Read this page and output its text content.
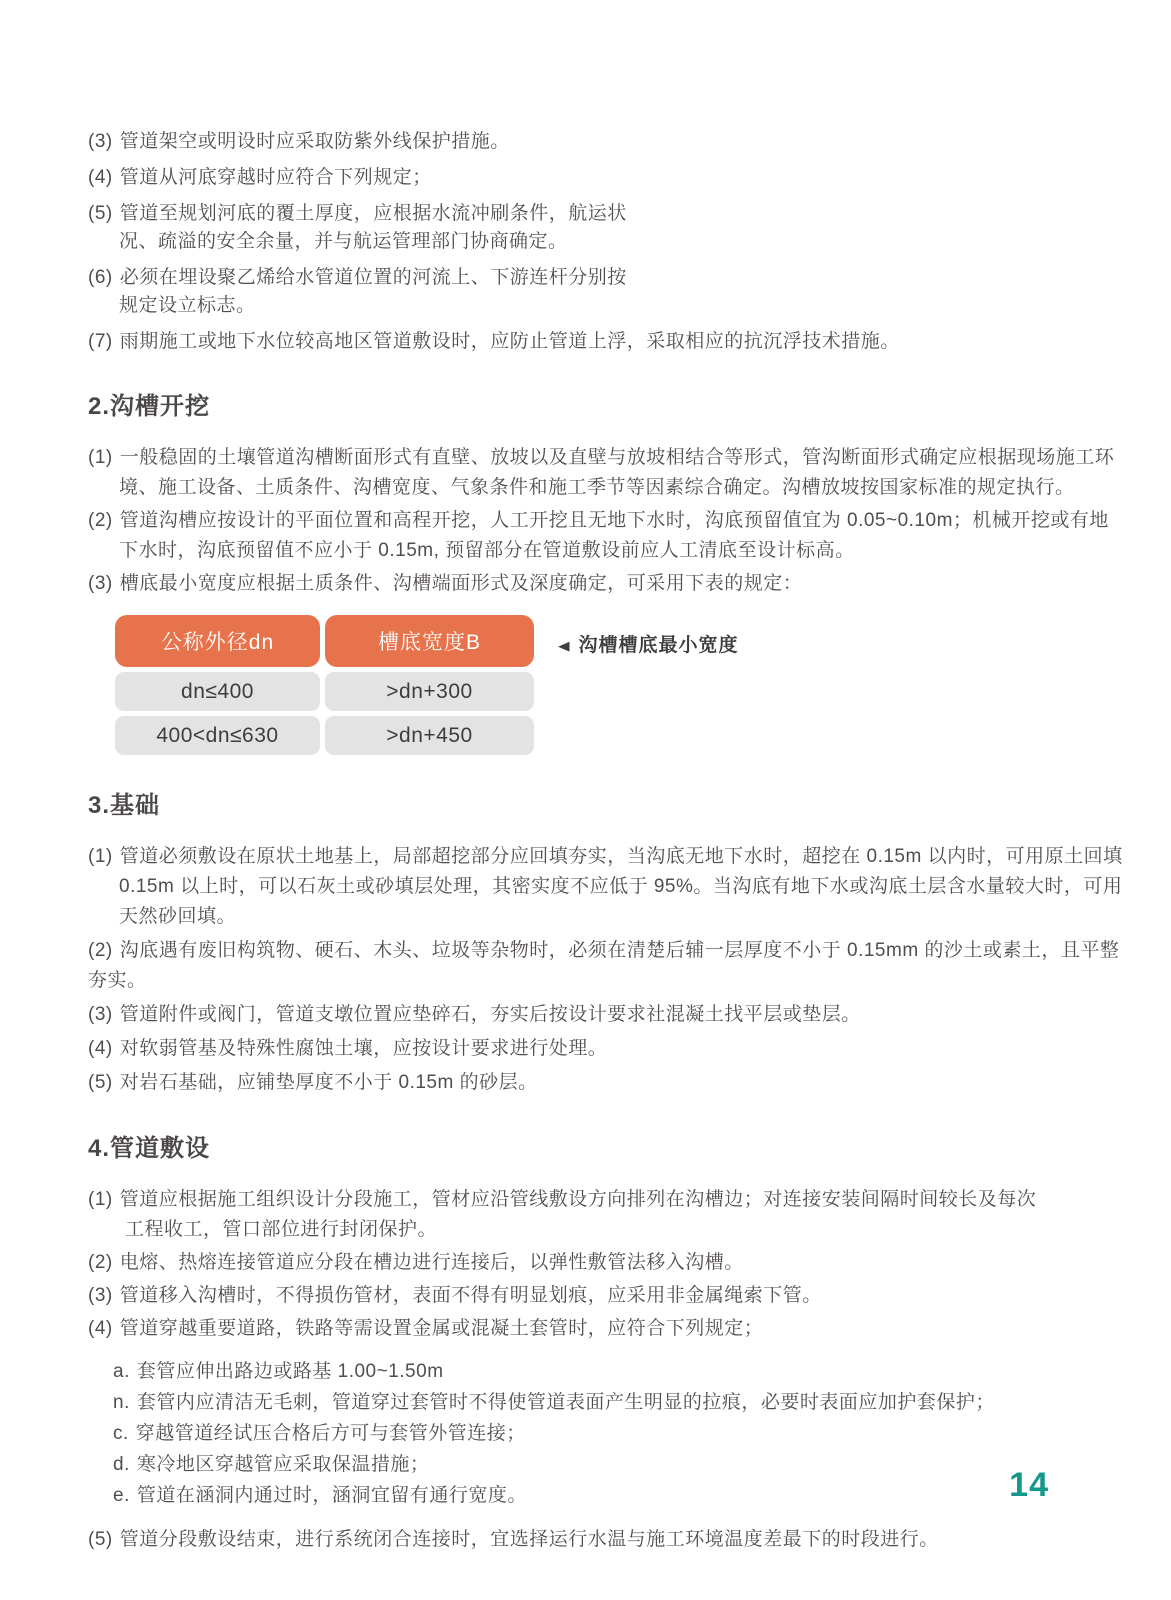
(3) 管道架空或明设时应采取防紫外线保护措施。
(4) 管道从河底穿越时应符合下列规定；
(5) 管道至规划河底的覆土厚度，应根据水流冲刷条件，航运状
况、疏溢的安全余量，并与航运管理部门协商确定。
(6) 必须在埋设聚乙烯给水管道位置的河流上、下游连杆分别按
规定设立标志。
(7) 雨期施工或地下水位较高地区管道敷设时，应防止管道上浮，采取相应的抗沉浮技术措施。
2.沟槽开挖
(1) 一般稳固的土壤管道沟槽断面形式有直壁、放坡以及直壁与放坡相结合等形式，管沟断面形式确定应根据现场施工环
境、施工设备、土质条件、沟槽宽度、气象条件和施工季节等因素综合确定。沟槽放坡按国家标准的规定执行。
(2) 管道沟槽应按设计的平面位置和高程开挖，人工开挖且无地下水时，沟底预留值宜为 0.05~0.10m；机械开挖或有地
下水时，沟底预留值不应小于 0.15m, 预留部分在管道敷设前应人工清底至设计标高。
(3) 槽底最小宽度应根据土质条件、沟槽端面形式及深度确定，可采用下表的规定：
公称外径dn	槽底宽度B
dn≤400	>dn+300
400<dn≤630	>dn+450
◀ 沟槽槽底最小宽度
3.基础
(1) 管道必须敷设在原状土地基上，局部超挖部分应回填夯实，当沟底无地下水时，超挖在 0.15m 以内时，可用原土回填
0.15m 以上时，可以石灰土或砂填层处理，其密实度不应低于 95%。当沟底有地下水或沟底土层含水量较大时，可用
天然砂回填。
(2) 沟底遇有废旧构筑物、硬石、木头、垃圾等杂物时，必须在清楚后辅一层厚度不小于 0.15mm 的沙土或素土，且平整夯实。
(3) 管道附件或阀门，管道支墩位置应垫碎石，夯实后按设计要求社混凝土找平层或垫层。
(4) 对软弱管基及特殊性腐蚀土壤，应按设计要求进行处理。
(5) 对岩石基础，应铺垫厚度不小于 0.15m 的砂层。
4.管道敷设
(1) 管道应根据施工组织设计分段施工，管材应沿管线敷设方向排列在沟槽边；对连接安装间隔时间较长及每次
工程收工，管口部位进行封闭保护。
(2) 电熔、热熔连接管道应分段在槽边进行连接后，以弹性敷管法移入沟槽。
(3) 管道移入沟槽时，不得损伤管材，表面不得有明显划痕，应采用非金属绳索下管。
(4) 管道穿越重要道路，铁路等需设置金属或混凝土套管时，应符合下列规定；
a. 套管应伸出路边或路基 1.00~1.50m
n. 套管内应清洁无毛刺，管道穿过套管时不得使管道表面产生明显的拉痕，必要时表面应加护套保护；
c. 穿越管道经试压合格后方可与套管外管连接；
d. 寒冷地区穿越管应采取保温措施；
e. 管道在涵洞内通过时，涵洞宜留有通行宽度。
(5) 管道分段敷设结束，进行系统闭合连接时，宜选择运行水温与施工环境温度差最下的时段进行。
14
